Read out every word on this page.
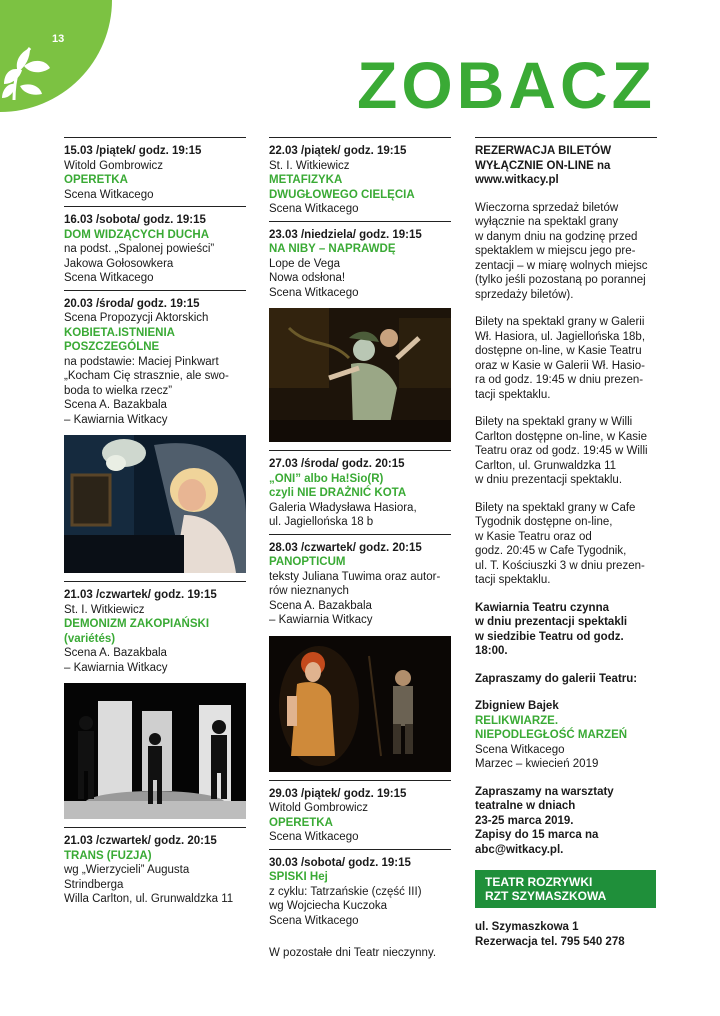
13
ZOBACZ
15.03 /piątek/ godz. 19:15
Witold Gombrowicz
OPERETKA
Scena Witkacego
16.03 /sobota/ godz. 19:15
DOM WIDZĄCYCH DUCHA
na podst. „Spalonej powieści”
Jakowa Gołosowkera
Scena Witkacego
20.03 /środa/ godz. 19:15
Scena Propozycji Aktorskich
KOBIETA.ISTNIENIA
POSZCZEGÓLNE
na podstawie: Maciej Pinkwart
„Kocham Cię strasznie, ale swo-
boda to wielka rzecz”
Scena A. Bazakbala
– Kawiarnia Witkacy
21.03 /czwartek/ godz. 19:15
St. I. Witkiewicz
DEMONIZM ZAKOPIAŃSKI
(variétés)
Scena A. Bazakbala
– Kawiarnia Witkacy
21.03 /czwartek/ godz. 20:15
TRANS (FUZJA)
wg „Wierzycieli” Augusta
Strindberga
Willa Carlton, ul. Grunwaldzka 11
22.03 /piątek/ godz. 19:15
St. I. Witkiewicz
METAFIZYKA
DWUGŁOWEGO CIELĘCIA
Scena Witkacego
23.03 /niedziela/ godz. 19:15
NA NIBY – NAPRAWDĘ
Lope de Vega
Nowa odsłona!
Scena Witkacego
27.03 /środa/ godz. 20:15
„ONI” albo Ha!Sio(R)
czyli NIE DRAŻNIĆ KOTA
Galeria Władysława Hasiora,
ul. Jagiellońska 18 b
28.03 /czwartek/ godz. 20:15
PANOPTICUM
teksty Juliana Tuwima oraz autor-
rów nieznanych
Scena A. Bazakbala
– Kawiarnia Witkacy
29.03 /piątek/ godz. 19:15
Witold Gombrowicz
OPERETKA
Scena Witkacego
30.03 /sobota/ godz. 19:15
SPISKI Hej
z cyklu: Tatrzańskie (część III)
wg Wojciecha Kuczoka
Scena Witkacego
W pozostałe dni Teatr nieczynny.

REZERWACJA BILETÓW
WYŁĄCZNIE ON-LINE na
www.witkacy.pl

Wieczorna sprzedaż biletów
wyłącznie na spektakl grany
w danym dniu na godzinę przed
spektaklem w miejscu jego pre-
zentacji – w miarę wolnych miejsc
(tylko jeśli pozostaną po porannej
sprzedaży biletów).

Bilety na spektakl grany w Galerii
Wł. Hasiora, ul. Jagiellońska 18b,
dostępne on-line, w Kasie Teatru
oraz w Kasie w Galerii Wł. Hasio-
ra od godz. 19:45 w dniu prezen-
tacji spektaklu.

Bilety na spektakl grany w Willi
Carlton dostępne on-line, w Kasie
Teatru oraz od godz. 19:45 w Willi
Carlton, ul. Grunwaldzka 11
w dniu prezentacji spektaklu.

Bilety na spektakl grany w Cafe
Tygodnik dostępne on-line,
w Kasie Teatru oraz od
godz. 20:45 w Cafe Tygodnik,
ul. T. Kościuszki 3 w dniu prezen-
tacji spektaklu.

Kawiarnia Teatru czynna
w dniu prezentacji spektakli
w siedzibie Teatru od godz.
18:00.

Zapraszamy do galerii Teatru:

Zbigniew Bajek
RELIKWIARZE.
NIEPODLEGŁOŚĆ MARZEŃ
Scena Witkacego
Marzec – kwiecień 2019

Zapraszamy na warsztaty
teatralne w dniach
23-25 marca 2019.
Zapisy do 15 marca na
abc@witkacy.pl.

TEATR ROZRYWKI
RZT SZYMASZKOWA
ul. Szymaszkowa 1
Rezerwacja tel. 795 540 278
